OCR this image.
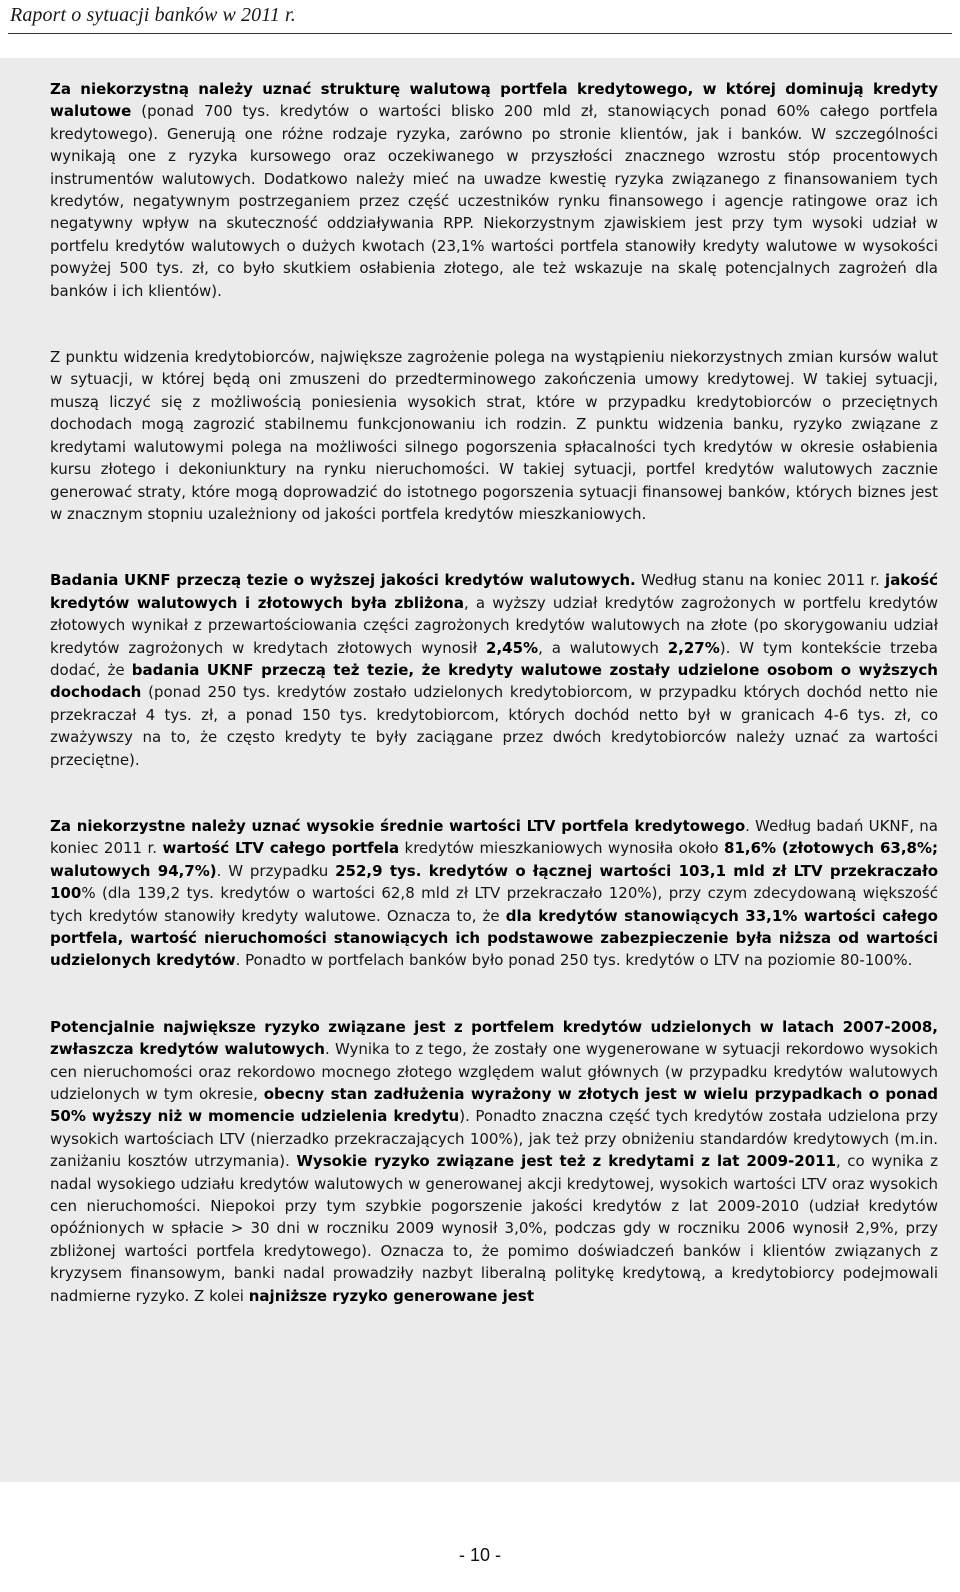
Raport o sytuacji banków w 2011 r.

Za niekorzystną należy uznać strukturę walutową portfela kredytowego, w której dominują kredyty walutowe (ponad 700 tys. kredytów o wartości blisko 200 mld zł, stanowiących ponad 60% całego portfela kredytowego). Generują one różne rodzaje ryzyka, zarówno po stronie klientów, jak i banków. W szczególności wynikają one z ryzyka kursowego oraz oczekiwanego w przyszłości znacznego wzrostu stóp procentowych instrumentów walutowych. Dodatkowo należy mieć na uwadze kwestię ryzyka związanego z finansowaniem tych kredytów, negatywnym postrzeganiem przez część uczestników rynku finansowego i agencje ratingowe oraz ich negatywny wpływ na skuteczność oddziaływania RPP. Niekorzystnym zjawiskiem jest przy tym wysoki udział w portfelu kredytów walutowych o dużych kwotach (23,1% wartości portfela stanowiły kredyty walutowe w wysokości powyżej 500 tys. zł, co było skutkiem osłabienia złotego, ale też wskazuje na skalę potencjalnych zagrożeń dla banków i ich klientów).

Z punktu widzenia kredytobiorców, największe zagrożenie polega na wystąpieniu niekorzystnych zmian kursów walut w sytuacji, w której będą oni zmuszeni do przedterminowego zakończenia umowy kredytowej. W takiej sytuacji, muszą liczyć się z możliwością poniesienia wysokich strat, które w przypadku kredytobiorców o przeciętnych dochodach mogą zagrozić stabilnemu funkcjonowaniu ich rodzin. Z punktu widzenia banku, ryzyko związane z kredytami walutowymi polega na możliwości silnego pogorszenia spłacalności tych kredytów w okresie osłabienia kursu złotego i dekoniunktury na rynku nieruchomości. W takiej sytuacji, portfel kredytów walutowych zacznie generować straty, które mogą doprowadzić do istotnego pogorszenia sytuacji finansowej banków, których biznes jest w znacznym stopniu uzależniony od jakości portfela kredytów mieszkaniowych.

Badania UKNF przeczą tezie o wyższej jakości kredytów walutowych. Według stanu na koniec 2011 r. jakość kredytów walutowych i złotowych była zbliżona, a wyższy udział kredytów zagrożonych w portfelu kredytów złotowych wynikał z przewartościowania części zagrożonych kredytów walutowych na złote (po skorygowaniu udział kredytów zagrożonych w kredytach złotowych wynosił 2,45%, a walutowych 2,27%). W tym kontekście trzeba dodać, że badania UKNF przeczą też tezie, że kredyty walutowe zostały udzielone osobom o wyższych dochodach (ponad 250 tys. kredytów zostało udzielonych kredytobiorcom, w przypadku których dochód netto nie przekraczał 4 tys. zł, a ponad 150 tys. kredytobiorcom, których dochód netto był w granicach 4-6 tys. zł, co zważywszy na to, że często kredyty te były zaciągane przez dwóch kredytobiorców należy uznać za wartości przeciętne).

Za niekorzystne należy uznać wysokie średnie wartości LTV portfela kredytowego. Według badań UKNF, na koniec 2011 r. wartość LTV całego portfela kredytów mieszkaniowych wynosiła około 81,6% (złotowych 63,8%; walutowych 94,7%). W przypadku 252,9 tys. kredytów o łącznej wartości 103,1 mld zł LTV przekraczało 100% (dla 139,2 tys. kredytów o wartości 62,8 mld zł LTV przekraczało 120%), przy czym zdecydowaną większość tych kredytów stanowiły kredyty walutowe. Oznacza to, że dla kredytów stanowiących 33,1% wartości całego portfela, wartość nieruchomości stanowiących ich podstawowe zabezpieczenie była niższa od wartości udzielonych kredytów. Ponadto w portfelach banków było ponad 250 tys. kredytów o LTV na poziomie 80-100%.

Potencjalnie największe ryzyko związane jest z portfelem kredytów udzielonych w latach 2007-2008, zwłaszcza kredytów walutowych. Wynika to z tego, że zostały one wygenerowane w sytuacji rekordowo wysokich cen nieruchomości oraz rekordowo mocnego złotego względem walut głównych (w przypadku kredytów walutowych udzielonych w tym okresie, obecny stan zadłużenia wyrażony w złotych jest w wielu przypadkach o ponad 50% wyższy niż w momencie udzielenia kredytu). Ponadto znaczna część tych kredytów została udzielona przy wysokich wartościach LTV (nierzadko przekraczających 100%), jak też przy obniżeniu standardów kredytowych (m.in. zaniżaniu kosztów utrzymania). Wysokie ryzyko związane jest też z kredytami z lat 2009-2011, co wynika z nadal wysokiego udziału kredytów walutowych w generowanej akcji kredytowej, wysokich wartości LTV oraz wysokich cen nieruchomości. Niepokoi przy tym szybkie pogorszenie jakości kredytów z lat 2009-2010 (udział kredytów opóźnionych w spłacie > 30 dni w roczniku 2009 wynosił 3,0%, podczas gdy w roczniku 2006 wynosił 2,9%, przy zbliżonej wartości portfela kredytowego). Oznacza to, że pomimo doświadczeń banków i klientów związanych z kryzysem finansowym, banki nadal prowadziły nazbyt liberalną politykę kredytową, a kredytobiorcy podejmowali nadmierne ryzyko. Z kolei najniższe ryzyko generowane jest

- 10 -
